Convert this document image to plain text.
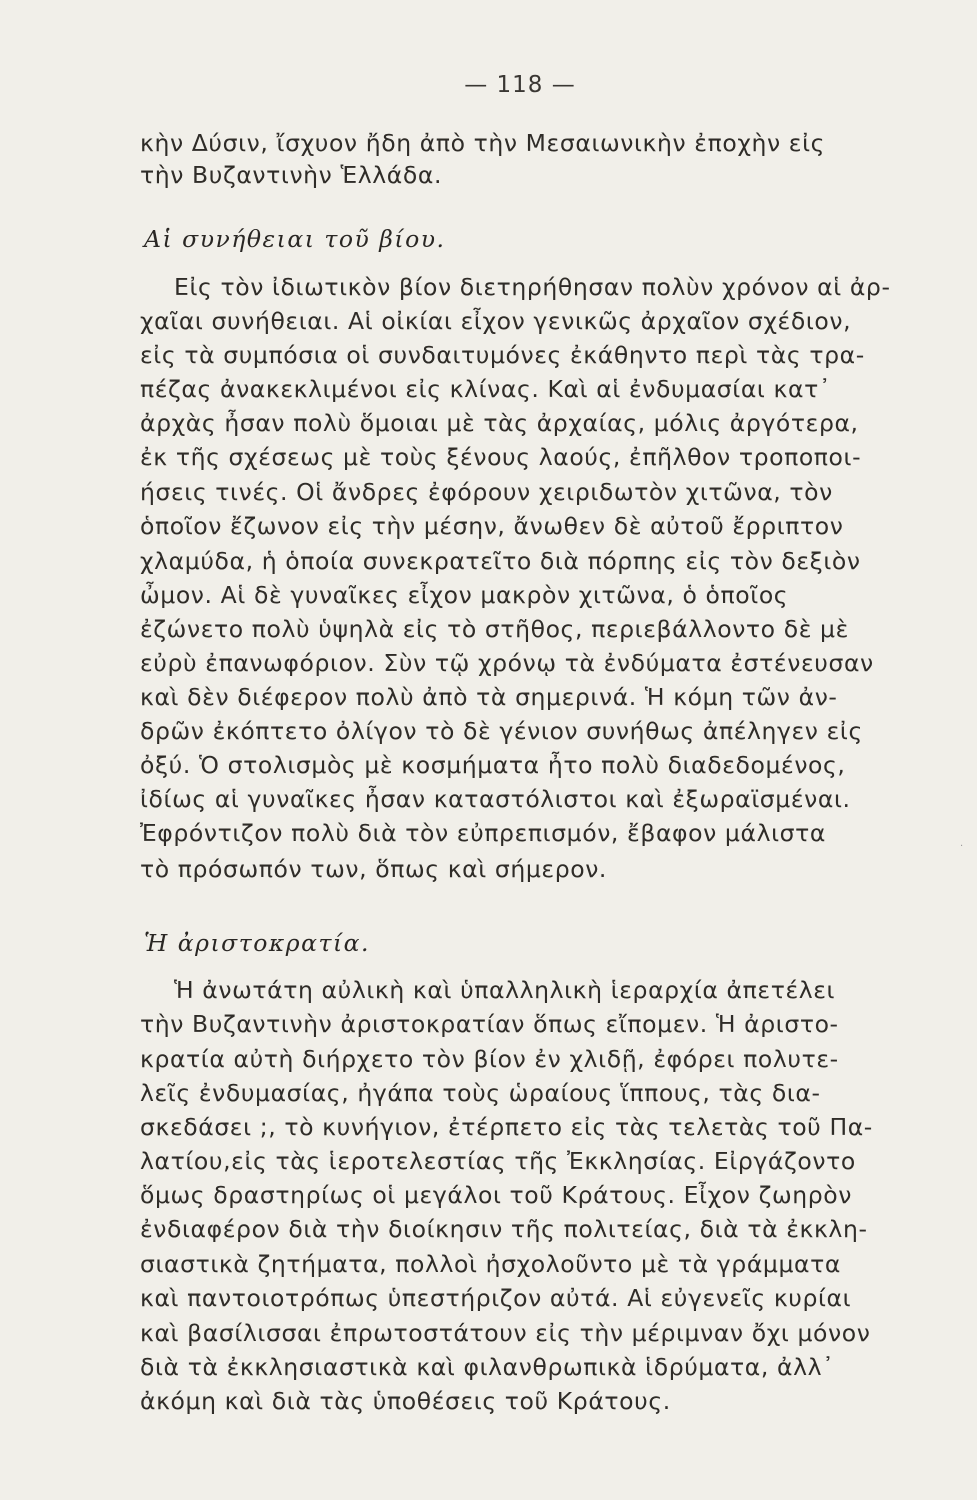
— 118 —
κὴν Δύσιν, ἴσχυον ἤδη ἀπὸ τὴν Μεσαιωνικὴν ἐποχὴν εἰς
τὴν Βυζαντινὴν Ἑλλάδα.
Αἱ συνήθειαι τοῦ βίου.
Εἰς τὸν ἰδιωτικὸν βίον διετηρήθησαν πολὺν χρόνον αἱ ἀρ-
χαῖαι συνήθειαι. Αἱ οἰκίαι εἶχον γενικῶς ἀρχαῖον σχέδιον,
εἰς τὰ συμπόσια οἱ συνδαιτυμόνες ἐκάθηντο περὶ τὰς τρα-
πέζας ἀνακεκλιμένοι εἰς κλίνας. Καὶ αἱ ἐνδυμασίαι κατ᾿
ἀρχὰς ἦσαν πολὺ ὅμοιαι μὲ τὰς ἀρχαίας, μόλις ἀργότερα,
ἐκ τῆς σχέσεως μὲ τοὺς ξένους λαούς, ἐπῆλθον τροποποι-
ήσεις τινές. Οἱ ἄνδρες ἐφόρουν χειριδωτὸν χιτῶνα, τὸν
ὁποῖον ἔζωνον εἰς τὴν μέσην, ἄνωθεν δὲ αὐτοῦ ἔρριπτον
χλαμύδα, ἡ ὁποία συνεκρατεῖτο διὰ πόρπης εἰς τὸν δεξιὸν
ὦμον. Αἱ δὲ γυναῖκες εἶχον μακρὸν χιτῶνα, ὁ ὁποῖος
ἐζώνετο πολὺ ὑψηλὰ εἰς τὸ στῆθος, περιεβάλλοντο δὲ μὲ
εὐρὺ ἐπανωφόριον. Σὺν τῷ χρόνῳ τὰ ἐνδύματα ἐστένευσαν
καὶ δὲν διέφερον πολὺ ἀπὸ τὰ σημερινά. Ἡ κόμη τῶν ἀν-
δρῶν ἐκόπτετο ὀλίγον τὸ δὲ γένιον συνήθως ἀπέληγεν εἰς
ὀξύ. Ὁ στολισμὸς μὲ κοσμήματα ἦτο πολὺ διαδεδομένος,
ἰδίως αἱ γυναῖκες ἦσαν καταστόλιστοι καὶ ἐξωραϊσμέναι.
Ἐφρόντιζον πολὺ διὰ τὸν εὐπρεπισμόν, ἔβαφον μάλιστα
τὸ πρόσωπόν των, ὅπως καὶ σήμερον.
Ἡ ἀριστοκρατία.
Ἡ ἀνωτάτη αὐλικὴ καὶ ὑπαλληλικὴ ἱεραρχία ἀπετέλει
τὴν Βυζαντινὴν ἀριστοκρατίαν ὅπως εἴπομεν. Ἡ ἀριστο-
κρατία αὐτὴ διήρχετο τὸν βίον ἐν χλιδῇ, ἐφόρει πολυτε-
λεῖς ἐνδυμασίας, ἠγάπα τοὺς ὡραίους ἵππους, τὰς δια-
σκεδάσει ;, τὸ κυνήγιον, ἐτέρπετο εἰς τὰς τελετὰς τοῦ Πα-
λατίου,εἰς τὰς ἱεροτελεστίας τῆς Ἐκκλησίας. Εἰργάζοντο
ὅμως δραστηρίως οἱ μεγάλοι τοῦ Κράτους. Εἶχον ζωηρὸν
ἐνδιαφέρον διὰ τὴν διοίκησιν τῆς πολιτείας, διὰ τὰ ἐκκλη-
σιαστικὰ ζητήματα, πολλοὶ ἠσχολοῦντο μὲ τὰ γράμματα
καὶ παντοιοτρόπως ὑπεστήριζον αὐτά. Αἱ εὐγενεῖς κυρίαι
καὶ βασίλισσαι ἐπρωτοστάτουν εἰς τὴν μέριμναν ὄχι μόνον
διὰ τὰ ἐκκλησιαστικὰ καὶ φιλανθρωπικὰ ἱδρύματα, ἀλλ᾿
ἀκόμη καὶ διὰ τὰς ὑποθέσεις τοῦ Κράτους.
.
